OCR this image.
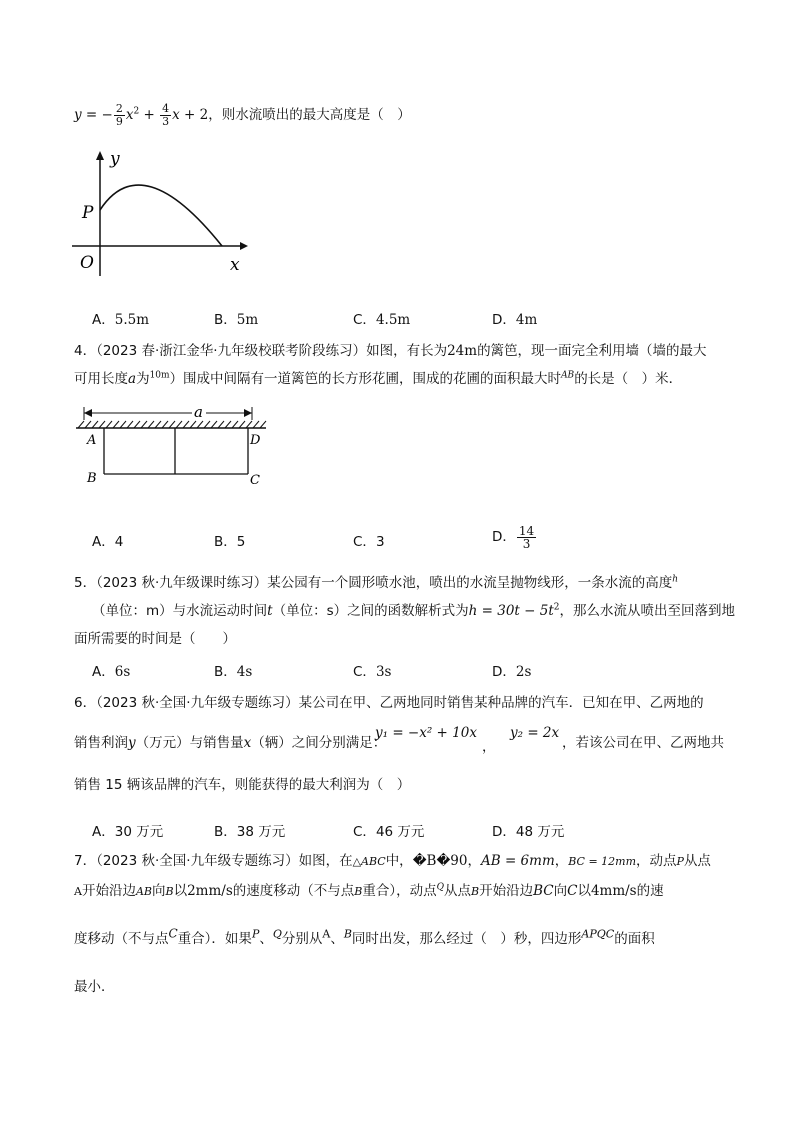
y = − $\frac{2}{9} x^2 + \frac{4}{3}$ x + 2，则水流喷出的最大高度是（　）
y
x
O
P
A．5.5m	B．5m	C．4.5m	D．4m
4．（2023 春·浙江金华·九年级校联考阶段练习）如图，有长为24m的篱笆，现一面完全利用墙（墙的最大
可用长度a为$^{10m}$）围成中间隔有一道篱笆的长方形花圃，围成的花圃的面积最大时$^{AB}$的长是（　）米．
a
A
B	C
D
A．4	B．5	C．3	D． $\frac{14}{3}$
5．（2023 秋·九年级课时练习）某公园有一个圆形喷水池，喷出的水流呈抛物线形，一条水流的高度$^h$
（单位：m）与水流运动时间t（单位：s）之间的函数解析式为$h = 30t - 5t^2$，那么水流从喷出至回落到地
面所需要的时间是（　　）
A．6s	B．4s	C．3s	D．2s
6．（2023 秋·全国·九年级专题练习）某公司在甲、乙两地同时销售某种品牌的汽车．已知在甲、乙两地的
销售利润y（万元）与销售量x（辆）之间分别满足：
y₁ = −x² + 10x
，
y₂ = 2x
，若该公司在甲、乙两地共
销售 15 辆该品牌的汽车，则能获得的最大利润为（　）
A．30 万元	B．38 万元	C．46 万元	D．48 万元
7．（2023 秋·全国·九年级专题练习）如图，在△ABC中，�B�90，AB = 6mm，BC = 12mm，动点P从点
A开始沿边AB向B以2mm/s的速度移动（不与点B重合），动点$^Q$从点B开始沿边BC向C以4mm/s的速
度移动（不与点$^C$重合）．如果$^P$、$^Q$分别从$^A$、$^B$同时出发，那么经过（　）秒，四边形$^{APQC}$的面积
最小．
